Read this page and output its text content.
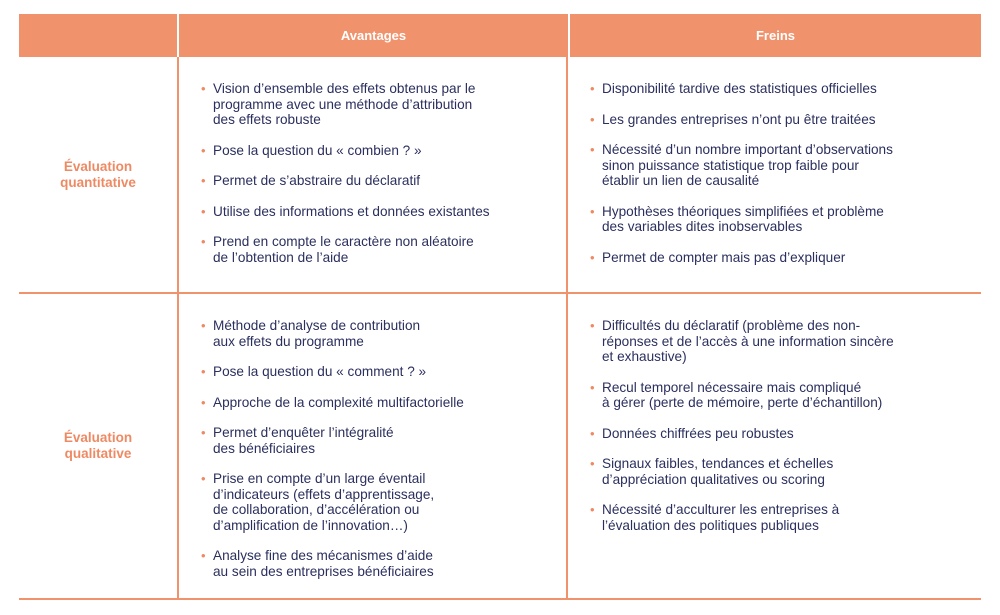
Avantages	Freins
Évaluation quantitative
• Vision d’ensemble des effets obtenus par le
programme avec une méthode d’attribution
des effets robuste
• Pose la question du « combien ? »
• Permet de s’abstraire du déclaratif
• Utilise des informations et données existantes
• Prend en compte le caractère non aléatoire
de l’obtention de l’aide
• Disponibilité tardive des statistiques officielles
• Les grandes entreprises n’ont pu être traitées
• Nécessité d’un nombre important d’observations
sinon puissance statistique trop faible pour
établir un lien de causalité
• Hypothèses théoriques simplifiées et problème
des variables dites inobservables
• Permet de compter mais pas d’expliquer
Évaluation qualitative
• Méthode d’analyse de contribution
aux effets du programme
• Pose la question du « comment ? »
• Approche de la complexité multifactorielle
• Permet d’enquêter l’intégralité
des bénéficiaires
• Prise en compte d’un large éventail
d’indicateurs (effets d’apprentissage,
de collaboration, d’accélération ou
d’amplification de l’innovation…)
• Analyse fine des mécanismes d’aide
au sein des entreprises bénéficiaires
• Difficultés du déclaratif (problème des non-
réponses et de l’accès à une information sincère
et exhaustive)
• Recul temporel nécessaire mais compliqué
à gérer (perte de mémoire, perte d’échantillon)
• Données chiffrées peu robustes
• Signaux faibles, tendances et échelles
d’appréciation qualitatives ou scoring
• Nécessité d’acculturer les entreprises à
l’évaluation des politiques publiques
